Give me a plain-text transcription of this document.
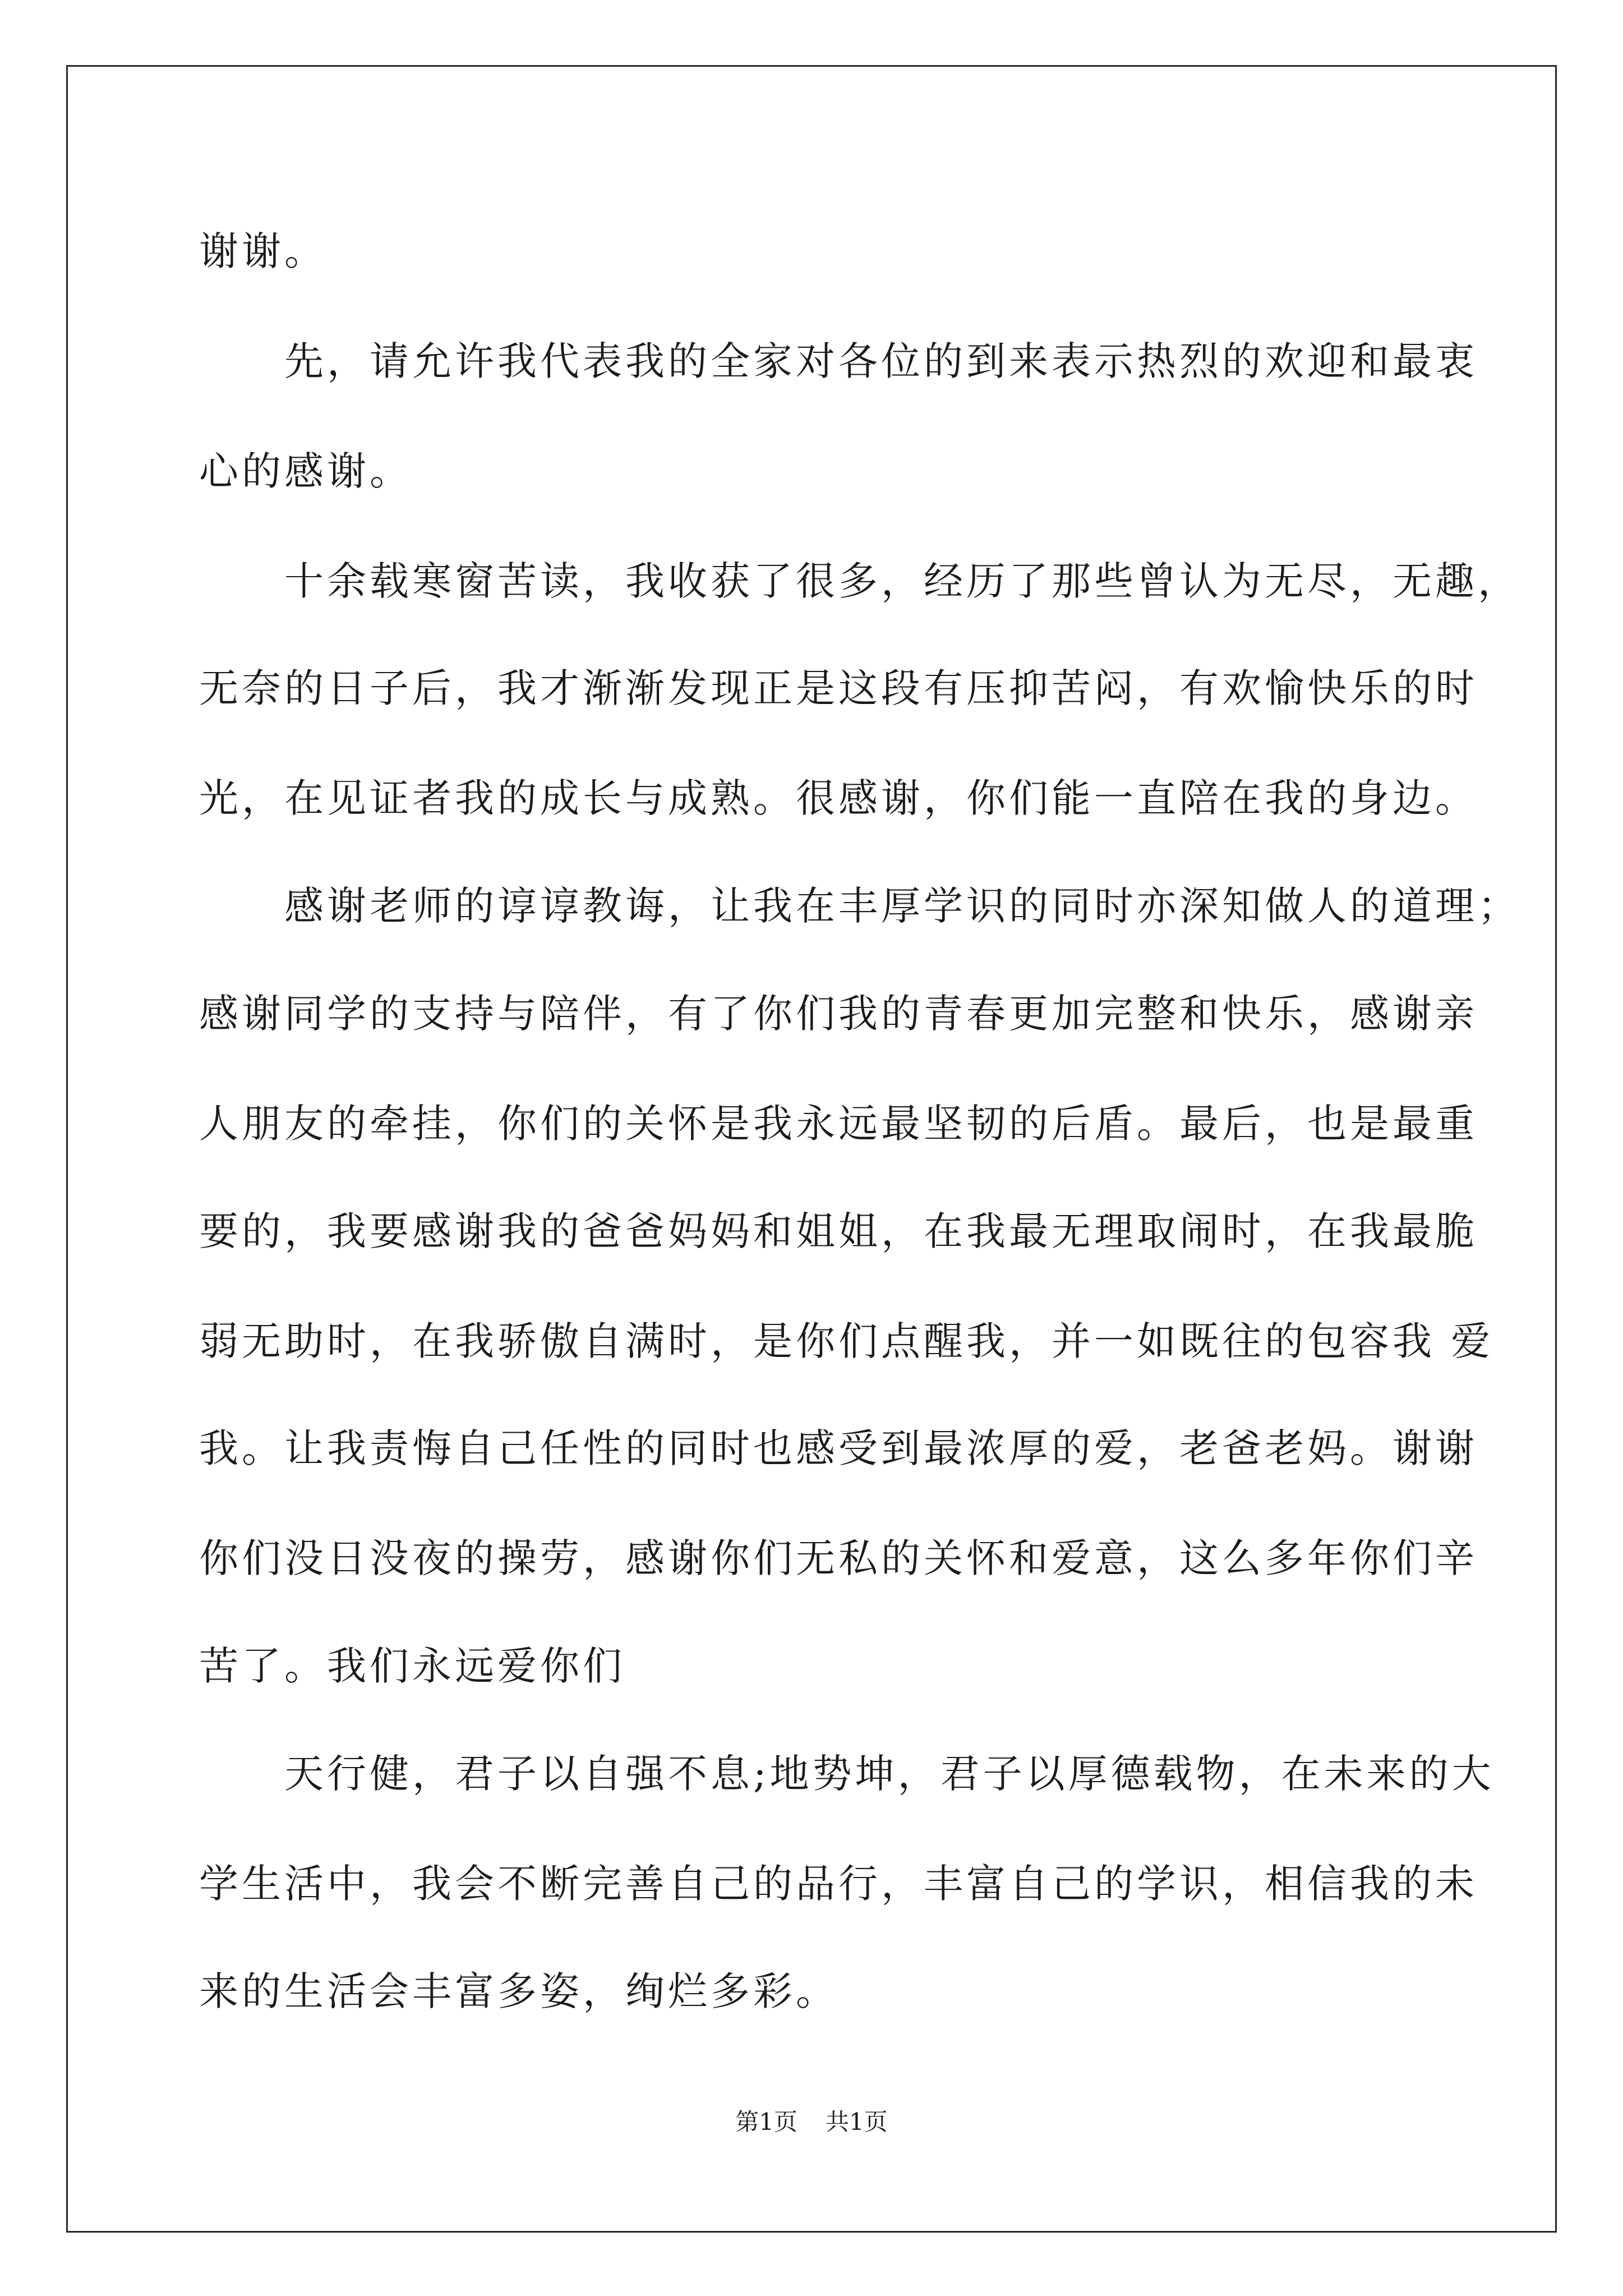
谢谢。
　　先，请允许我代表我的全家对各位的到来表示热烈的欢迎和最衷
心的感谢。
　　十余载寒窗苦读，我收获了很多，经历了那些曾认为无尽，无趣，
无奈的日子后，我才渐渐发现正是这段有压抑苦闷，有欢愉快乐的时
光，在见证者我的成长与成熟。很感谢，你们能一直陪在我的身边。
　　感谢老师的谆谆教诲，让我在丰厚学识的同时亦深知做人的道理；
感谢同学的支持与陪伴，有了你们我的青春更加完整和快乐，感谢亲
人朋友的牵挂，你们的关怀是我永远最坚韧的后盾。最后，也是最重
要的，我要感谢我的爸爸妈妈和姐姐，在我最无理取闹时，在我最脆
弱无助时，在我骄傲自满时，是你们点醒我，并一如既往的包容我 爱
我。让我责悔自己任性的同时也感受到最浓厚的爱，老爸老妈。谢谢
你们没日没夜的操劳，感谢你们无私的关怀和爱意，这么多年你们辛
苦了。我们永远爱你们
　　天行健，君子以自强不息;地势坤，君子以厚德载物，在未来的大
学生活中，我会不断完善自己的品行，丰富自己的学识，相信我的未
来的生活会丰富多姿，绚烂多彩。
第1页 共1页
